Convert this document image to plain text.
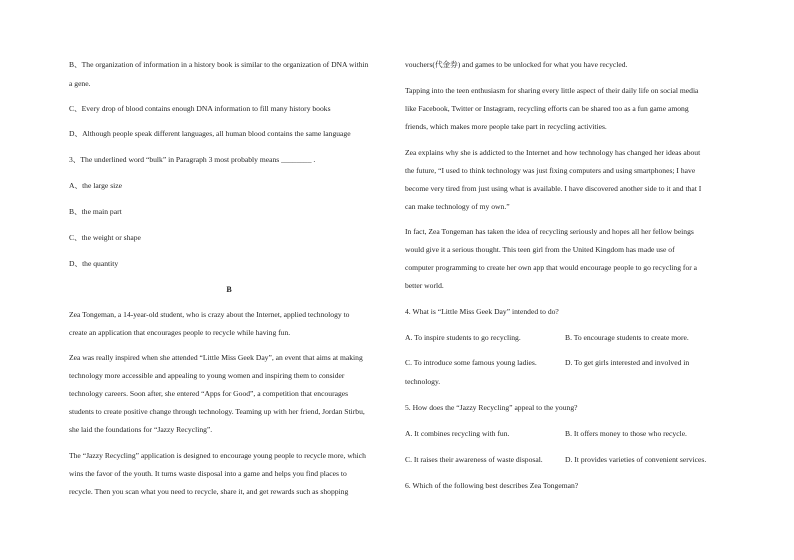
B、The organization of information in a history book is similar to the organization of DNA within
a gene.
C、Every drop of blood contains enough DNA information to fill many history books
D、Although people speak different languages, all human blood contains the same language
3、The underlined word “bulk” in Paragraph 3 most probably means ________ .
A、the large size
B、the main part
C、the weight or shape
D、the quantity
B
Zea Tongeman, a 14-year-old student, who is crazy about the Internet, applied technology to
create an application that encourages people to recycle while having fun.
Zea was really inspired when she attended “Little Miss Geek Day”, an event that aims at making
technology more accessible and appealing to young women and inspiring them to consider
technology careers. Soon after, she entered “Apps for Good”, a competition that encourages
students to create positive change through technology. Teaming up with her friend, Jordan Stirbu,
she laid the foundations for “Jazzy Recycling”.
The “Jazzy Recycling” application is designed to encourage young people to recycle more, which
wins the favor of the youth. It turns waste disposal into a game and helps you find places to
recycle. Then you scan what you need to recycle, share it, and get rewards such as shopping
vouchers(代金券) and games to be unlocked for what you have recycled.
Tapping into the teen enthusiasm for sharing every little aspect of their daily life on social media
like Facebook, Twitter or Instagram, recycling efforts can be shared too as a fun game among
friends, which makes more people take part in recycling activities.
Zea explains why she is addicted to the Internet and how technology has changed her ideas about
the future, “I used to think technology was just fixing computers and using smartphones; I have
become very tired from just using what is available. I have discovered another side to it and that I
can make technology of my own.”
In fact, Zea Tongeman has taken the idea of recycling seriously and hopes all her fellow beings
would give it a serious thought. This teen girl from the United Kingdom has made use of
computer programming to create her own app that would encourage people to go recycling for a
better world.
4. What is “Little Miss Geek Day” intended to do?
A. To inspire students to go recycling.	B. To encourage students to create more.
C. To introduce some famous young ladies.	D. To get girls interested and involved in
technology.
5. How does the “Jazzy Recycling” appeal to the young?
A. It combines recycling with fun.	B. It offers money to those who recycle.
C. It raises their awareness of waste disposal.	D. It provides varieties of convenient services.
6. Which of the following best describes Zea Tongeman?
